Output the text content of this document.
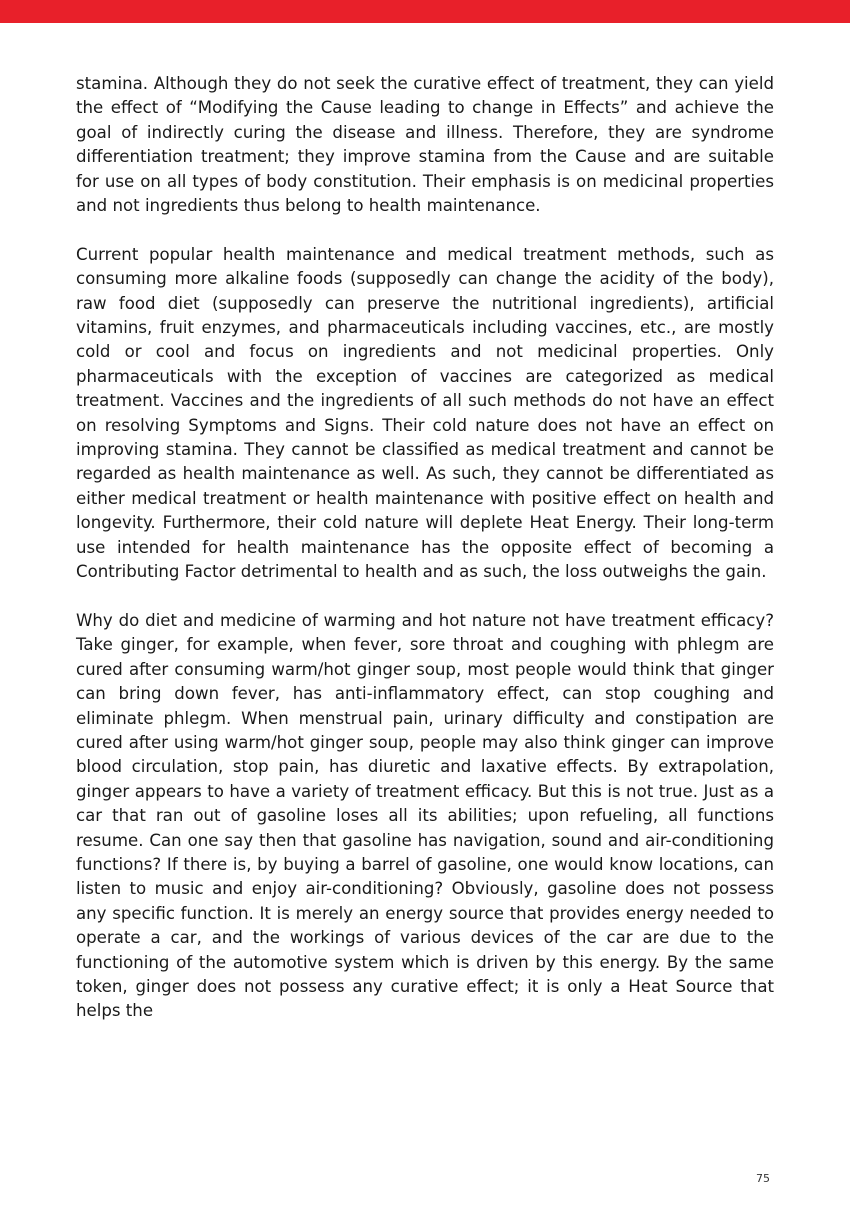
stamina. Although they do not seek the curative effect of treatment, they can yield the effect of “Modifying the Cause leading to change in Effects” and achieve the goal of indirectly curing the disease and illness. Therefore, they are syndrome differentiation treatment; they improve stamina from the Cause and are suitable for use on all types of body constitution. Their emphasis is on medicinal properties and not ingredients thus belong to health maintenance.

Current popular health maintenance and medical treatment methods, such as consuming more alkaline foods (supposedly can change the acidity of the body), raw food diet (supposedly can preserve the nutritional ingredients), artificial vitamins, fruit enzymes, and pharmaceuticals including vaccines, etc., are mostly cold or cool and focus on ingredients and not medicinal properties. Only pharmaceuticals with the exception of vaccines are categorized as medical treatment. Vaccines and the ingredients of all such methods do not have an effect on resolving Symptoms and Signs. Their cold nature does not have an effect on improving stamina. They cannot be classified as medical treatment and cannot be regarded as health maintenance as well. As such, they cannot be differentiated as either medical treatment or health maintenance with positive effect on health and longevity. Furthermore, their cold nature will deplete Heat Energy. Their long-term use intended for health maintenance has the opposite effect of becoming a Contributing Factor detrimental to health and as such, the loss outweighs the gain.

Why do diet and medicine of warming and hot nature not have treatment efficacy? Take ginger, for example, when fever, sore throat and coughing with phlegm are cured after consuming warm/hot ginger soup, most people would think that ginger can bring down fever, has anti-inflammatory effect, can stop coughing and eliminate phlegm. When menstrual pain, urinary difficulty and constipation are cured after using warm/hot ginger soup, people may also think ginger can improve blood circulation, stop pain, has diuretic and laxative effects. By extrapolation, ginger appears to have a variety of treatment efficacy. But this is not true. Just as a car that ran out of gasoline loses all its abilities; upon refueling, all functions resume. Can one say then that gasoline has navigation, sound and air-conditioning functions? If there is, by buying a barrel of gasoline, one would know locations, can listen to music and enjoy air-conditioning? Obviously, gasoline does not possess any specific function. It is merely an energy source that provides energy needed to operate a car, and the workings of various devices of the car are due to the functioning of the automotive system which is driven by this energy. By the same token, ginger does not possess any curative effect; it is only a Heat Source that helps the

75
